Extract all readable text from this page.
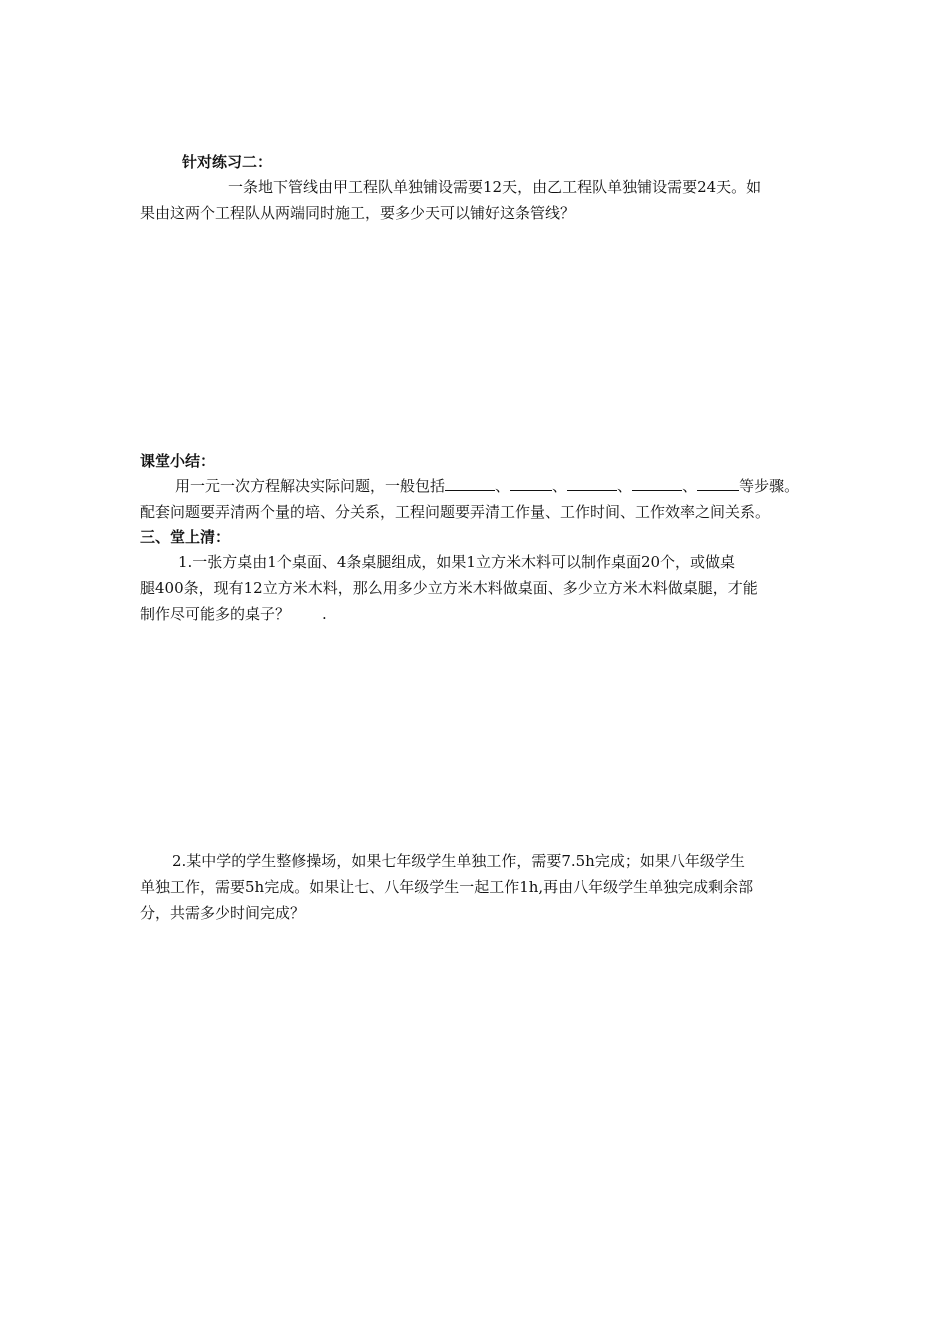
针对练习二：
一条地下管线由甲工程队单独铺设需要12天，由乙工程队单独铺设需要24天。如
果由这两个工程队从两端同时施工，要多少天可以铺好这条管线？
课堂小结：
用一元一次方程解决实际问题，一般包括	、	、	、	、	等步骤。
配套问题要弄清两个量的培、分关系，工程问题要弄清工作量、工作时间、工作效率之间关系。
三、堂上清：
1.一张方桌由1个桌面、4条桌腿组成，如果1立方米木料可以制作桌面20个，或做桌
腿400条，现有12立方米木料，那么用多少立方米木料做桌面、多少立方米木料做桌腿，才能
制作尽可能多的桌子？ .
2.某中学的学生整修操场，如果七年级学生单独工作，需要7.5h完成；如果八年级学生
单独工作，需要5h完成。如果让七、八年级学生一起工作1h,再由八年级学生单独完成剩余部
分，共需多少时间完成？
